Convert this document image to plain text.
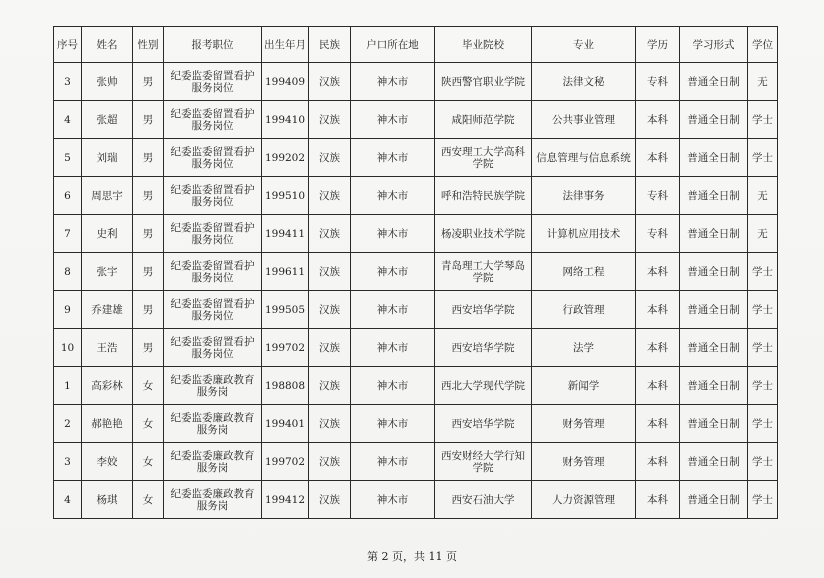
序号	姓名	性别	报考职位	出生年月	民族	户口所在地	毕业院校	专业	学历	学习形式	学位
3	张帅	男	纪委监委留置看护服务岗位	199409	汉族	神木市	陕西警官职业学院	法律文秘	专科	普通全日制	无
4	张超	男	纪委监委留置看护服务岗位	199410	汉族	神木市	咸阳师范学院	公共事业管理	本科	普通全日制	学士
5	刘瑞	男	纪委监委留置看护服务岗位	199202	汉族	神木市	西安理工大学高科学院	信息管理与信息系统	本科	普通全日制	学士
6	周思宇	男	纪委监委留置看护服务岗位	199510	汉族	神木市	呼和浩特民族学院	法律事务	专科	普通全日制	无
7	史利	男	纪委监委留置看护服务岗位	199411	汉族	神木市	杨凌职业技术学院	计算机应用技术	专科	普通全日制	无
8	张宇	男	纪委监委留置看护服务岗位	199611	汉族	神木市	青岛理工大学琴岛学院	网络工程	本科	普通全日制	学士
9	乔建雄	男	纪委监委留置看护服务岗位	199505	汉族	神木市	西安培华学院	行政管理	本科	普通全日制	学士
10	王浩	男	纪委监委留置看护服务岗位	199702	汉族	神木市	西安培华学院	法学	本科	普通全日制	学士
1	高彩林	女	纪委监委廉政教育服务岗	198808	汉族	神木市	西北大学现代学院	新闻学	本科	普通全日制	学士
2	郝艳艳	女	纪委监委廉政教育服务岗	199401	汉族	神木市	西安培华学院	财务管理	本科	普通全日制	学士
3	李姣	女	纪委监委廉政教育服务岗	199702	汉族	神木市	西安财经大学行知学院	财务管理	本科	普通全日制	学士
4	杨琪	女	纪委监委廉政教育服务岗	199412	汉族	神木市	西安石油大学	人力资源管理	本科	普通全日制	学士
第 2 页，共 11 页
